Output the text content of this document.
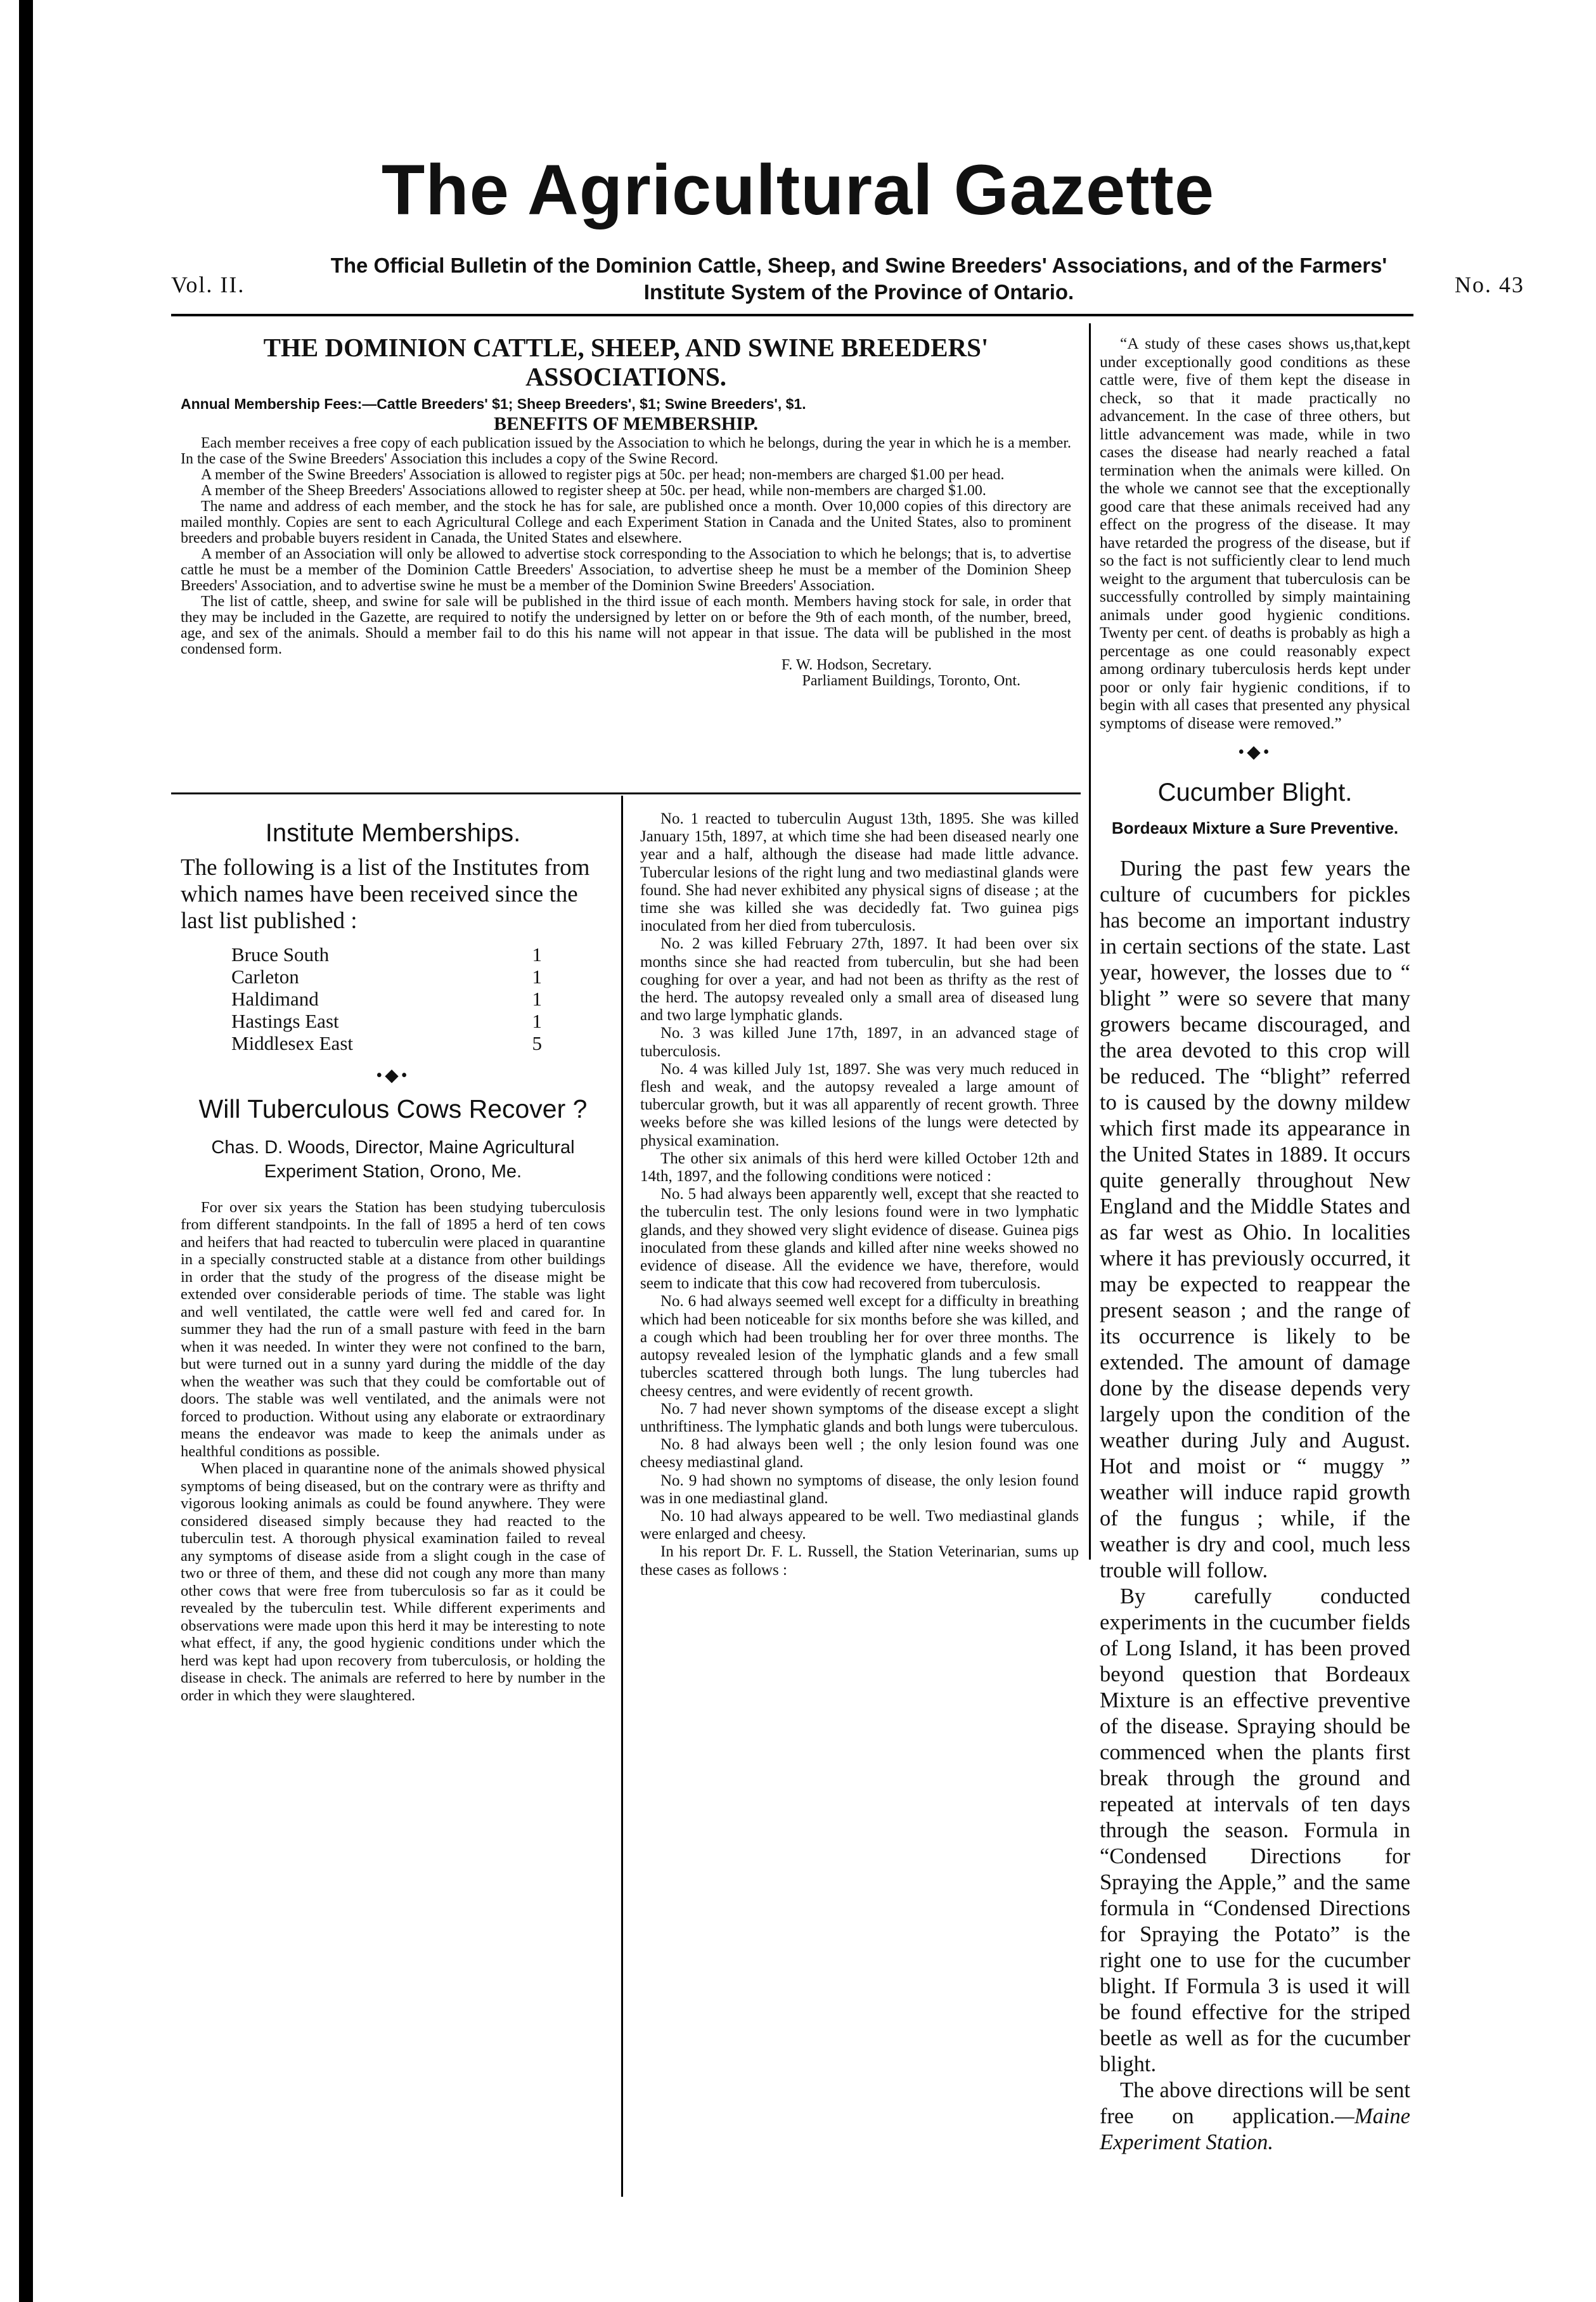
The Agricultural Gazette
Vol. II.
The Official Bulletin of the Dominion Cattle, Sheep, and Swine Breeders' Associations, and of the Farmers' Institute System of the Province of Ontario.	No. 43
THE DOMINION CATTLE, SHEEP, AND SWINE BREEDERS' ASSOCIATIONS.
Annual Membership Fees:—Cattle Breeders' $1; Sheep Breeders', $1; Swine Breeders', $1.
BENEFITS OF MEMBERSHIP.

Each member receives a free copy of each publication issued by the Association to which he belongs, during the year in which he is a member. In the case of the Swine Breeders' Association this includes a copy of the Swine Record.

A member of the Swine Breeders' Association is allowed to register pigs at 50c. per head; non-members are charged $1.00 per head.

A member of the Sheep Breeders' Associations allowed to register sheep at 50c. per head, while non-members are charged $1.00.

The name and address of each member, and the stock he has for sale, are published once a month. Over 10,000 copies of this directory are mailed monthly. Copies are sent to each Agricultural College and each Experiment Station in Canada and the United States, also to prominent breeders and probable buyers resident in Canada, the United States and elsewhere.

A member of an Association will only be allowed to advertise stock corresponding to the Association to which he belongs; that is, to advertise cattle he must be a member of the Dominion Cattle Breeders' Association, to advertise sheep he must be a member of the Dominion Sheep Breeders' Association, and to advertise swine he must be a member of the Dominion Swine Breeders' Association.

The list of cattle, sheep, and swine for sale will be published in the third issue of each month. Members having stock for sale, in order that they may be included in the Gazette, are required to notify the undersigned by letter on or before the 9th of each month, of the number, breed, age, and sex of the animals. Should a member fail to do this his name will not appear in that issue. The data will be published in the most condensed form.

F. W. Hodson, Secretary.
Parliament Buildings, Toronto, Ont.

“A study of these cases shows us,that,kept under exceptionally good conditions as these cattle were, five of them kept the disease in check, so that it made practically no advancement. In the case of three others, but little advancement was made, while in two cases the disease had nearly reached a fatal termination when the animals were killed. On the whole we cannot see that the exceptionally good care that these animals received had any effect on the progress of the disease. It may have retarded the progress of the disease, but if so the fact is not sufficiently clear to lend much weight to the argument that tuberculosis can be successfully controlled by simply maintaining animals under good hygienic conditions. Twenty per cent. of deaths is probably as high a percentage as one could reasonably expect among ordinary tuberculosis herds kept under poor or only fair hygienic conditions, if to begin with all cases that presented any physical symptoms of disease were removed.”

•◆•
Cucumber Blight.
Bordeaux Mixture a Sure Preventive.

During the past few years the culture of cucumbers for pickles has become an important industry in certain sections of the state. Last year, however, the losses due to “ blight ” were so severe that many growers became discouraged, and the area devoted to this crop will be reduced. The “blight” referred to is caused by the downy mildew which first made its appearance in the United States in 1889. It occurs quite generally throughout New England and the Middle States and as far west as Ohio. In localities where it has previously occurred, it may be expected to reappear the present season ; and the range of its occurrence is likely to be extended. The amount of damage done by the disease depends very largely upon the condition of the weather during July and August. Hot and moist or “ muggy ” weather will induce rapid growth of the fungus ; while, if the weather is dry and cool, much less trouble will follow.

By carefully conducted experiments in the cucumber fields of Long Island, it has been proved beyond question that Bordeaux Mixture is an effective preventive of the disease. Spraying should be commenced when the plants first break through the ground and repeated at intervals of ten days through the season. Formula in “Condensed Directions for Spraying the Apple,” and the same formula in “Condensed Directions for Spraying the Potato” is the right one to use for the cucumber blight. If Formula 3 is used it will be found effective for the striped beetle as well as for the cucumber blight.

The above directions will be sent free on application.—Maine Experiment Station.

Institute Memberships.
The following is a list of the Institutes from which names have been received since the last list published :
Bruce South	1
Carleton	1
Haldimand	1
Hastings East	1
Middlesex East	5
•◆•
Will Tuberculous Cows Recover ?
Chas. D. Woods, Director, Maine Agricultural Experiment Station, Orono, Me.

For over six years the Station has been studying tuberculosis from different standpoints. In the fall of 1895 a herd of ten cows and heifers that had reacted to tuberculin were placed in quarantine in a specially constructed stable at a distance from other buildings in order that the study of the progress of the disease might be extended over considerable periods of time. The stable was light and well ventilated, the cattle were well fed and cared for. In summer they had the run of a small pasture with feed in the barn when it was needed. In winter they were not confined to the barn, but were turned out in a sunny yard during the middle of the day when the weather was such that they could be comfortable out of doors. The stable was well ventilated, and the animals were not forced to production. Without using any elaborate or extraordinary means the endeavor was made to keep the animals under as healthful conditions as possible.

When placed in quarantine none of the animals showed physical symptoms of being diseased, but on the contrary were as thrifty and vigorous looking animals as could be found anywhere. They were considered diseased simply because they had reacted to the tuberculin test. A thorough physical examination failed to reveal any symptoms of disease aside from a slight cough in the case of two or three of them, and these did not cough any more than many other cows that were free from tuberculosis so far as it could be revealed by the tuberculin test. While different experiments and observations were made upon this herd it may be interesting to note what effect, if any, the good hygienic conditions under which the herd was kept had upon recovery from tuberculosis, or holding the disease in check. The animals are referred to here by number in the order in which they were slaughtered.

No. 1 reacted to tuberculin August 13th, 1895. She was killed January 15th, 1897, at which time she had been diseased nearly one year and a half, although the disease had made little advance. Tubercular lesions of the right lung and two mediastinal glands were found. She had never exhibited any physical signs of disease ; at the time she was killed she was decidedly fat. Two guinea pigs inoculated from her died from tuberculosis.

No. 2 was killed February 27th, 1897. It had been over six months since she had reacted from tuberculin, but she had been coughing for over a year, and had not been as thrifty as the rest of the herd. The autopsy revealed only a small area of diseased lung and two large lymphatic glands.

No. 3 was killed June 17th, 1897, in an advanced stage of tuberculosis.

No. 4 was killed July 1st, 1897. She was very much reduced in flesh and weak, and the autopsy revealed a large amount of tubercular growth, but it was all apparently of recent growth. Three weeks before she was killed lesions of the lungs were detected by physical examination.

The other six animals of this herd were killed October 12th and 14th, 1897, and the following conditions were noticed :

No. 5 had always been apparently well, except that she reacted to the tuberculin test. The only lesions found were in two lymphatic glands, and they showed very slight evidence of disease. Guinea pigs inoculated from these glands and killed after nine weeks showed no evidence of disease. All the evidence we have, therefore, would seem to indicate that this cow had recovered from tuberculosis.

No. 6 had always seemed well except for a difficulty in breathing which had been noticeable for six months before she was killed, and a cough which had been troubling her for over three months. The autopsy revealed lesion of the lymphatic glands and a few small tubercles scattered through both lungs. The lung tubercles had cheesy centres, and were evidently of recent growth.

No. 7 had never shown symptoms of the disease except a slight unthriftiness. The lymphatic glands and both lungs were tuberculous.

No. 8 had always been well ; the only lesion found was one cheesy mediastinal gland.

No. 9 had shown no symptoms of disease, the only lesion found was in one mediastinal gland.

No. 10 had always appeared to be well. Two mediastinal glands were enlarged and cheesy.

In his report Dr. F. L. Russell, the Station Veterinarian, sums up these cases as follows :
